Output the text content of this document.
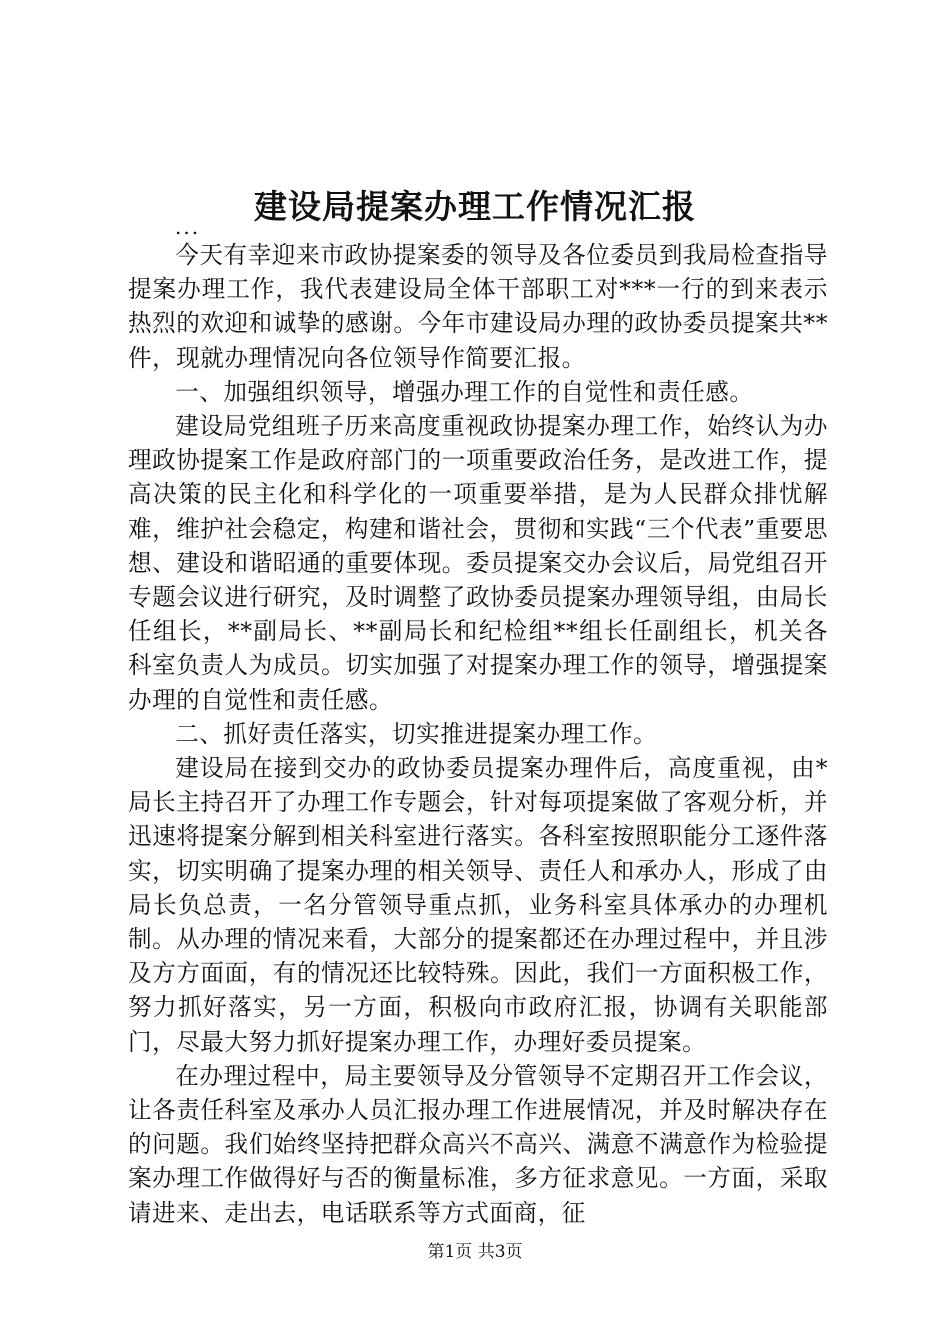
建设局提案办理工作情况汇报
...

今天有幸迎来市政协提案委的领导及各位委员到我局检查指导提案办理工作，我代表建设局全体干部职工对***一行的到来表示热烈的欢迎和诚挚的感谢。今年市建设局办理的政协委员提案共**件，现就办理情况向各位领导作简要汇报。

一、加强组织领导，增强办理工作的自觉性和责任感。

建设局党组班子历来高度重视政协提案办理工作，始终认为办理政协提案工作是政府部门的一项重要政治任务，是改进工作，提高决策的民主化和科学化的一项重要举措，是为人民群众排忧解难，维护社会稳定，构建和谐社会，贯彻和实践“三个代表”重要思想、建设和谐昭通的重要体现。委员提案交办会议后，局党组召开专题会议进行研究，及时调整了政协委员提案办理领导组，由局长任组长，**副局长、**副局长和纪检组**组长任副组长，机关各科室负责人为成员。切实加强了对提案办理工作的领导，增强提案办理的自觉性和责任感。

二、抓好责任落实，切实推进提案办理工作。

建设局在接到交办的政协委员提案办理件后，高度重视，由*局长主持召开了办理工作专题会，针对每项提案做了客观分析，并迅速将提案分解到相关科室进行落实。各科室按照职能分工逐件落实，切实明确了提案办理的相关领导、责任人和承办人，形成了由局长负总责，一名分管领导重点抓，业务科室具体承办的办理机制。从办理的情况来看，大部分的提案都还在办理过程中，并且涉及方方面面，有的情况还比较特殊。因此，我们一方面积极工作，努力抓好落实，另一方面，积极向市政府汇报，协调有关职能部门，尽最大努力抓好提案办理工作，办理好委员提案。

在办理过程中，局主要领导及分管领导不定期召开工作会议，让各责任科室及承办人员汇报办理工作进展情况，并及时解决存在的问题。我们始终坚持把群众高兴不高兴、满意不满意作为检验提案办理工作做得好与否的衡量标准，多方征求意见。一方面，采取请进来、走出去，电话联系等方式面商，征

第1页 共3页
